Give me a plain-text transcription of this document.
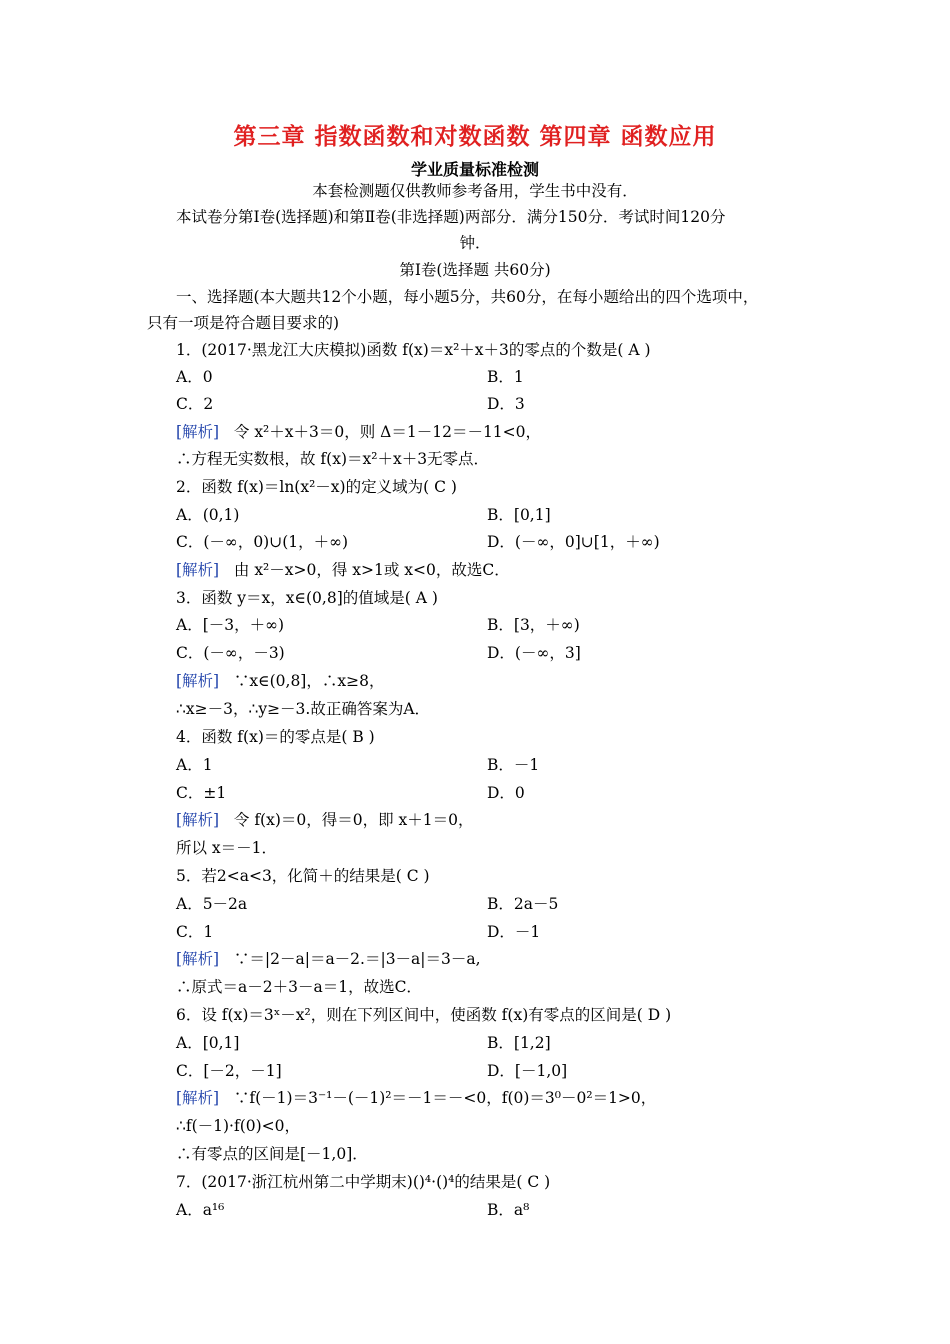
第三章 指数函数和对数函数 第四章 函数应用
学业质量标准检测
本套检测题仅供教师参考备用，学生书中没有．
本试卷分第Ⅰ卷(选择题)和第Ⅱ卷(非选择题)两部分．满分150分．考试时间120分
钟．
第Ⅰ卷(选择题 共60分)
一、选择题(本大题共12个小题，每小题5分，共60分，在每小题给出的四个选项中，
只有一项是符合题目要求的)
1．(2017·黑龙江大庆模拟)函数 f(x)＝x²＋x＋3的零点的个数是( A )
A．0	B．1
C．2	D．3
[解析] 令 x²＋x＋3＝0，则 Δ＝1－12＝－11<0，
∴方程无实数根，故 f(x)＝x²＋x＋3无零点．
2．函数 f(x)＝ln(x²－x)的定义域为( C )
A．(0,1)	B．[0,1]
C．(－∞，0)∪(1，＋∞)	D．(－∞，0]∪[1，＋∞)
[解析] 由 x²－x>0，得 x>1或 x<0，故选C．
3．函数 y＝x，x∈(0,8]的值域是( A )
A．[－3，＋∞)	B．[3，＋∞)
C．(－∞，－3)	D．(－∞，3]
[解析] ∵x∈(0,8]，∴x≥8，
∴x≥－3，∴y≥－3.故正确答案为A．
4．函数 f(x)＝的零点是( B )
A．1	B．－1
C．±1	D．0
[解析] 令 f(x)＝0，得＝0，即 x＋1＝0，
所以 x＝－1．
5．若2<a<3，化简＋的结果是( C )
A．5－2a	B．2a－5
C．1	D．－1
[解析] ∵＝|2－a|＝a－2.＝|3－a|＝3－a,
∴原式＝a－2＋3－a＝1，故选C．
6．设 f(x)＝3ˣ－x²，则在下列区间中，使函数 f(x)有零点的区间是( D )
A．[0,1]	B．[1,2]
C．[－2，－1]	D．[－1,0]
[解析] ∵f(－1)＝3⁻¹－(－1)²＝－1＝－<0，f(0)＝3⁰－0²＝1>0，
∴f(－1)·f(0)<0，
∴有零点的区间是[－1,0]．
7．(2017·浙江杭州第二中学期末)()⁴·()⁴的结果是( C )
A．a¹⁶	B．a⁸
